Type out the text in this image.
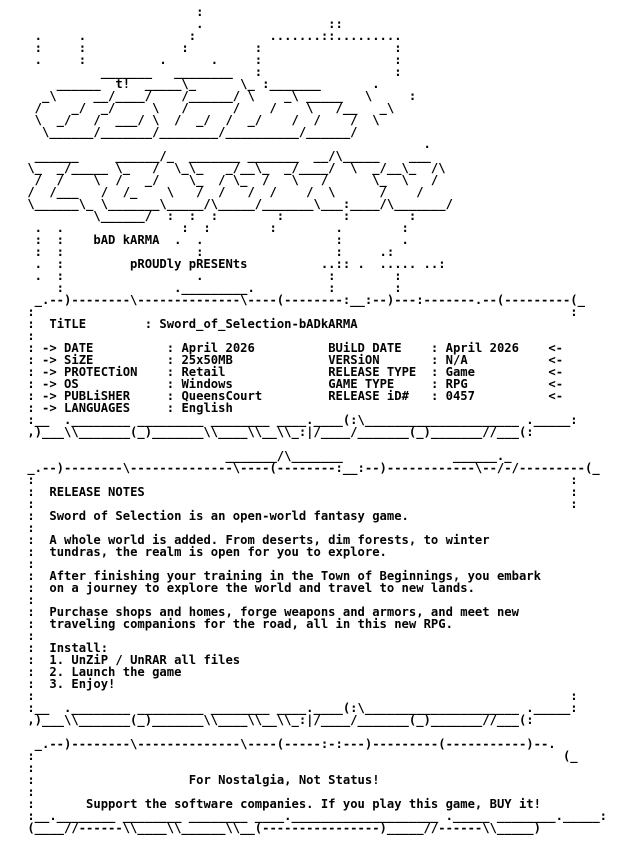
:
.                 ::
.     .              :          .......::.........
:     :             :         :                  :
.     :          .      .     :                  :
_______   ________   :                  :
______  t!  _____\_      \_ :_______       .
_\     __/____/    /______/ \    _\ _____   \     :
/    _/  _/     \   /      /    /    \   /__   _\
\  _/   /  ___/ \  /  _/  /  _/    /  /    /  \
\______/_______/________/__________/______/
.
______     ______/_  _______ _______  __/\_____    ___
\_  _/_____ \_   /  \_\_   _/__\_  _/____/  \  _/__\_  /\
/  /    \  /   _/    \_  / \_  /   \   /      \_  \   /
/  /___   /  /_    \   /  /   /  /    /  \      /    /
\______\_ \_______\_____/\_____/_______\___:____/\_______/
\______/  :  :  :        :        :        :
.  .                :  :        :        .        :
:  :    bAD kARMA  .  .                  :        .
:  :                  :                  :     .:
.  :         pROUDly pRESENts          ..:: .  ..... ..:
.  :                  .                 :        :
:               ._________.          :        :

_.--)--------\--------------\----(--------:__:--)---:-------.--(---------(_
:                                                                         :
:  TiTLE        : Sword_of_Selection-bADkARMA
:
: -> DATE          : April 2026	BUiLD DATE    : April 2026    <-
: -> SiZE          : 25x50MB	VERSiON       : N/A	<-
: -> PROTECTiON    : Retail	RELEASE TYPE  : Game	<-
: -> OS            : Windows	GAME TYPE     : RPG	<-
: -> PUBLiSHER     : QueensCourt	RELEASE iD#   : 0457	<-
: -> LANGUAGES     : English
:__  .________ _________ ________ ____.____(:\_____________________ ._____:
,)___\\_______(_)_______\\____\\__\\_:|/____/_______(_)_______//___(:

_______/\_______               ______._
_.--)--------\--------------\----(--------:__:--)------------\--/-/---------(_
:                                                                         :
:  RELEASE NOTES	:
:                                                                         :
:  Sword of Selection is an open-world fantasy game.
:
:  A whole world is added. From deserts, dim forests, to winter
:  tundras, the realm is open for you to explore.
:
:  After finishing your training in the Town of Beginnings, you embark
:  on a journey to explore the world and travel to new lands.
:
:  Purchase shops and homes, forge weapons and armors, and meet new
:  traveling companions for the road, all in this new RPG.
:
:  Install:
:  1. UnZiP / UnRAR all files
:  2. Launch the game
:  3. Enjoy!
:                                                                         :
:__  .________ _________ ________ ____.____(:\_____________________ ._____:
,)___\\_______(_)_______\\____\\__\\_:|/____/_______(_)_______//___(:

_.--)--------\--------------\----(-----:-:---)---------(-----------)--.
:                                                                        (_
:
:	For Nostalgia, Not Status!
:
:	Support the software companies. If you play this game, BUY it!
:__.________ ________ ________ ____.____________________ ._____ ________._____:
(____//------\\____\\______\\__(----------------)_____//------\\_____)
